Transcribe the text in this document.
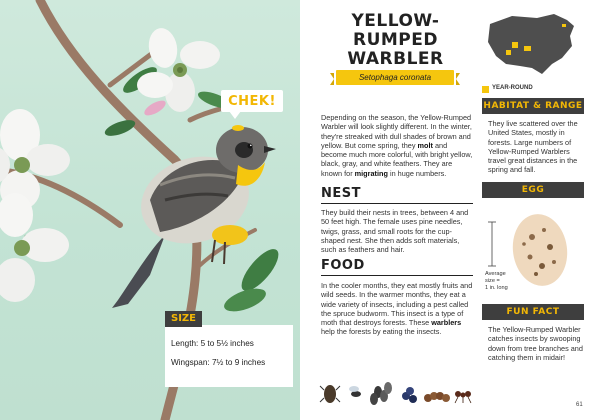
CHEK!
SIZE
Length: 5 to 5½ inches
Wingspan: 7½ to 9 inches
YELLOW-RUMPED WARBLER
Setophaga coronata
Depending on the season, the Yellow-Rumped Warbler will look slightly different. In the winter, they're streaked with dull shades of brown and yellow. But come spring, they molt and become much more colorful, with bright yellow, black, gray, and white feathers. They are known for migrating in huge numbers.
NEST
They build their nests in trees, between 4 and 50 feet high. The female uses pine needles, twigs, grass, and small roots for the cup-shaped nest. She then adds soft materials, such as feathers and hair.
FOOD
In the cooler months, they eat mostly fruits and wild seeds. In the warmer months, they eat a wide variety of insects, including a pest called the spruce budworm. This insect is a type of moth that destroys forests. These warblers help the forests by eating the insects.
YEAR-ROUND
HABITAT & RANGE
They live scattered over the United States, mostly in forests. Large numbers of Yellow-Rumped Warblers travel great distances in the spring and fall.
EGG
Average
size =
1 in. long
FUN FACT
The Yellow-Rumped Warbler catches insects by swooping down from tree branches and catching them in midair!
61
